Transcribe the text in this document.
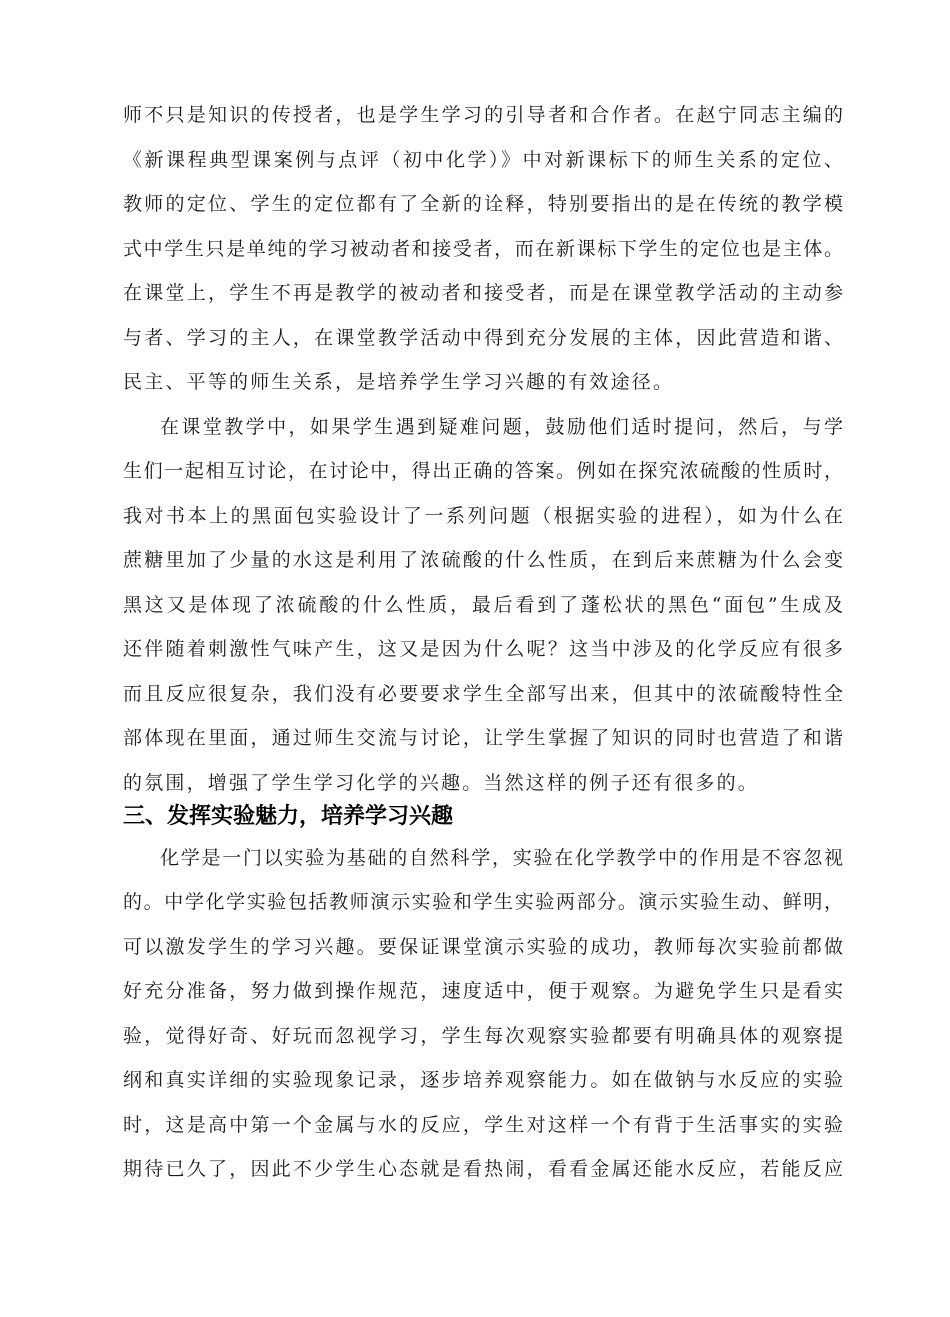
师不只是知识的传授者，也是学生学习的引导者和合作者。在赵宁同志主编的
《新课程典型课案例与点评（初中化学）》中对新课标下的师生关系的定位、
教师的定位、学生的定位都有了全新的诠释，特别要指出的是在传统的教学模
式中学生只是单纯的学习被动者和接受者，而在新课标下学生的定位也是主体。
在课堂上，学生不再是教学的被动者和接受者，而是在课堂教学活动的主动参
与者、学习的主人，在课堂教学活动中得到充分发展的主体，因此营造和谐、
民主、平等的师生关系，是培养学生学习兴趣的有效途径。
在课堂教学中，如果学生遇到疑难问题，鼓励他们适时提问，然后，与学
生们一起相互讨论，在讨论中，得出正确的答案。例如在探究浓硫酸的性质时，
我对书本上的黑面包实验设计了一系列问题（根据实验的进程），如为什么在
蔗糖里加了少量的水这是利用了浓硫酸的什么性质，在到后来蔗糖为什么会变
黑这又是体现了浓硫酸的什么性质，最后看到了蓬松状的黑色“面包”生成及
还伴随着刺激性气味产生，这又是因为什么呢？这当中涉及的化学反应有很多
而且反应很复杂，我们没有必要要求学生全部写出来，但其中的浓硫酸特性全
部体现在里面，通过师生交流与讨论，让学生掌握了知识的同时也营造了和谐
的氛围，增强了学生学习化学的兴趣。当然这样的例子还有很多的。
三、发挥实验魅力，培养学习兴趣
化学是一门以实验为基础的自然科学，实验在化学教学中的作用是不容忽视
的。中学化学实验包括教师演示实验和学生实验两部分。演示实验生动、鲜明，
可以激发学生的学习兴趣。要保证课堂演示实验的成功，教师每次实验前都做
好充分准备，努力做到操作规范，速度适中，便于观察。为避免学生只是看实
验，觉得好奇、好玩而忽视学习，学生每次观察实验都要有明确具体的观察提
纲和真实详细的实验现象记录，逐步培养观察能力。如在做钠与水反应的实验
时，这是高中第一个金属与水的反应，学生对这样一个有背于生活事实的实验
期待已久了，因此不少学生心态就是看热闹，看看金属还能水反应，若能反应
